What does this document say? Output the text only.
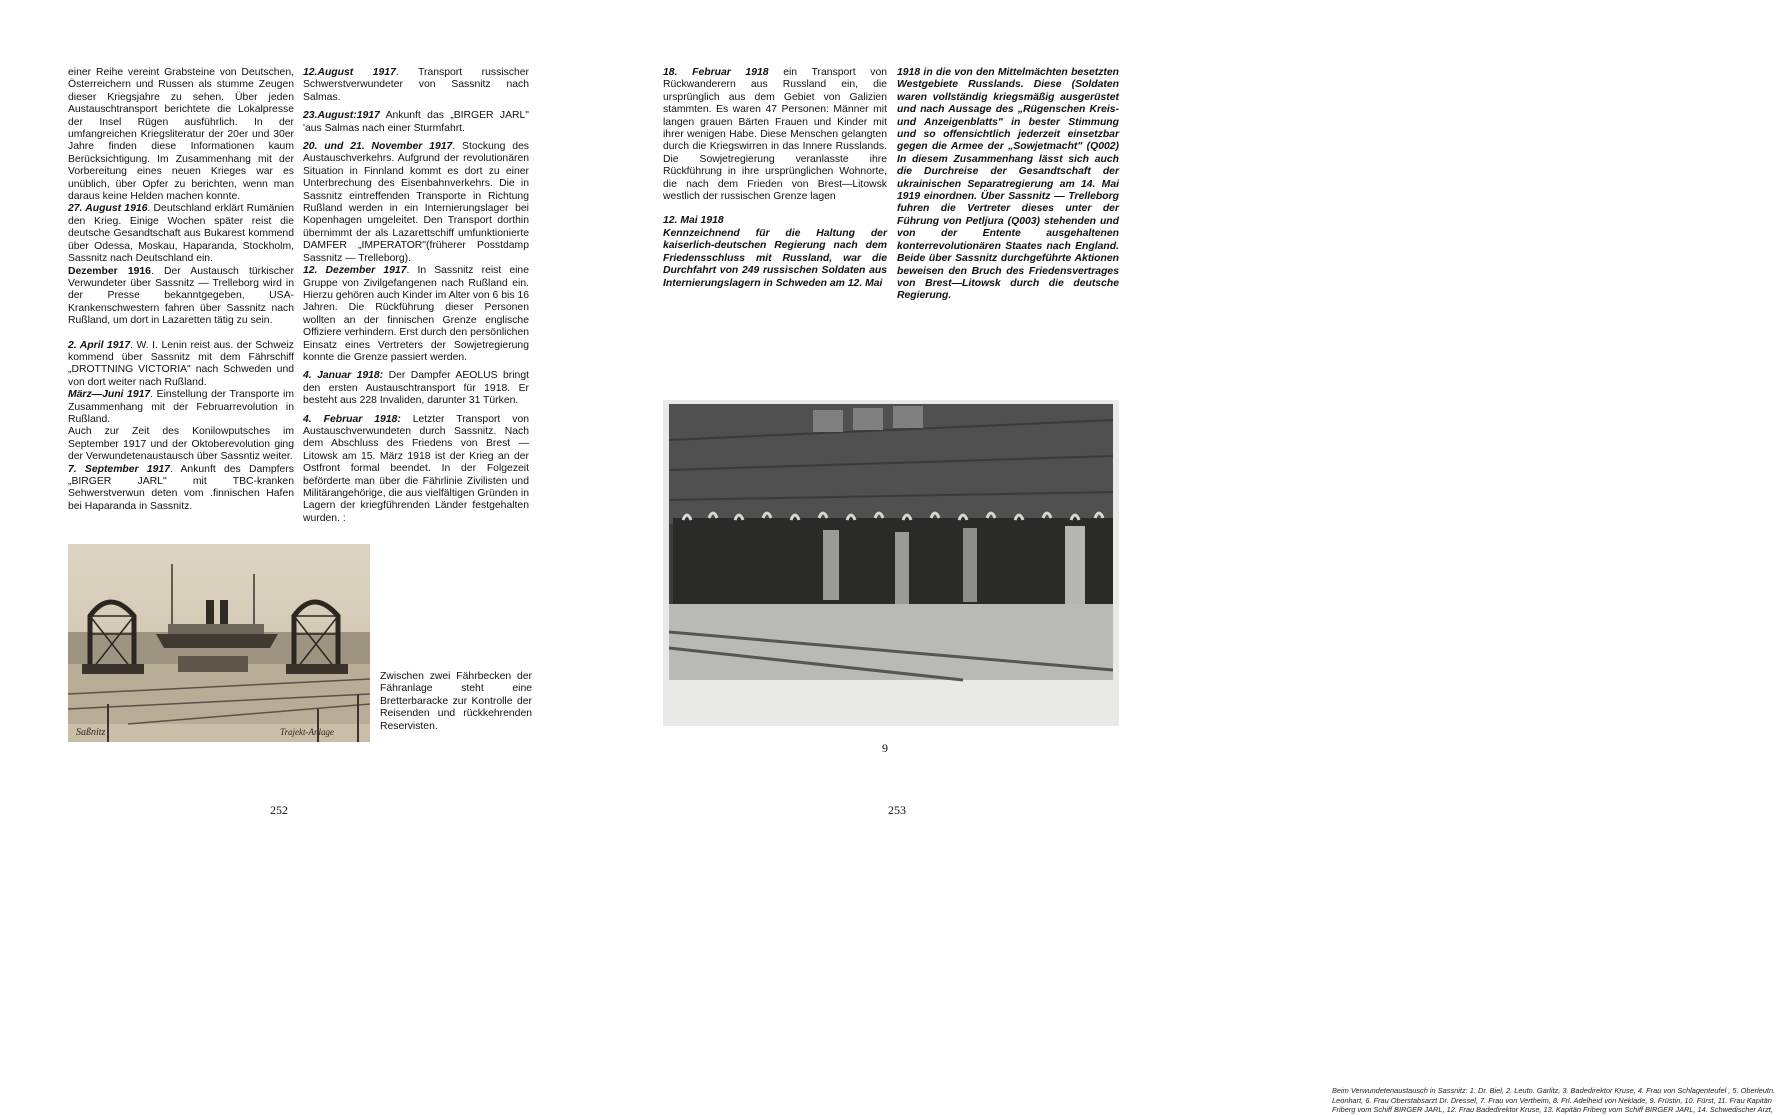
einer Reihe vereint Grabsteine von Deutschen, Österreichern und Russen als stumme Zeugen dieser Kriegsjahre zu sehen. Über jeden Austauschtransport berichtete die Lokalpresse der Insel Rügen ausführlich. In der umfangreichen Kriegsliteratur der 20er und 30er Jahre finden diese Informationen kaum Berücksichtigung. Im Zusammenhang mit der Vorbereitung eines neuen Krieges war es unüblich, über Opfer zu berichten, wenn man daraus keine Helden machen konnte.

27. August 1916. Deutschland erklärt Rumänien den Krieg. Einige Wochen später reist die deutsche Gesandtschaft aus Bukarest kommend über Odessa, Moskau, Haparanda, Stockholm, Sassnitz nach Deutschland ein.

Dezember 1916. Der Austausch türkischer Verwundeter über Sassnitz — Trelleborg wird in der Presse bekanntgegeben, USA-Krankenschwestern fahren über Sassnitz nach Rußland, um dort in Lazaretten tätig zu sein.

2. April 1917. W. I. Lenin reist aus. der Schweiz kommend über Sassnitz mit dem Fährschiff „DROTTNING VICTORIA" nach Schweden und von dort weiter nach Rußland.

März—Juni 1917. Einstellung der Transporte im Zusammenhang mit der Februarrevolution in Rußland.

Auch zur Zeit des Konilowputsches im September 1917 und der Oktoberevolution ging der Verwundetenaustausch über Sassntiz weiter.

7. September 1917. Ankunft des Dampfers „BIRGER JARL" mit TBC-kranken Sehwerstverwun deten vom .finnischen Hafen bei Haparanda in Sassnitz.

12.August 1917. Transport russischer Schwerstverwundeter von Sassnitz nach Salmas.

23.August:1917 Ankunft das „BIRGER JARL" 'aus Salmas nach einer Sturmfahrt.

20. und 21. November 1917. Stockung des Austauschverkehrs. Aufgrund der revolutionären Situation in Finnland kommt es dort zu einer Unterbrechung des Eisenbahnverkehrs. Die in Sassnitz eintreffenden Transporte in Richtung Rußland werden in ein Internierungslager bei Kopenhagen umgeleitet. Den Transport dorthin übernimmt der als Lazarettschiff umfunktionierte DAMFER „IMPERATOR"(früherer Posstdamp Sassnitz — Trelleborg).

12. Dezember 1917. In Sassnitz reist eine Gruppe von Zivilgefangenen nach Rußland ein. Hierzu gehören auch Kinder im Alter von 6 bis 16 Jahren. Die Rückführung dieser Personen wollten an der finnischen Grenze englische Offiziere verhindern. Erst durch den persönlichen Einsatz eines Vertreters der Sowjetregierung konnte die Grenze passiert werden.

4. Januar 1918: Der Dampfer AEOLUS bringt den ersten Austauschtransport für 1918. Er besteht aus 228 Invaliden, darunter 31 Türken.

4. Februar 1918: Letzter Transport von Austauschverwundeten durch Sassnitz. Nach dem Abschluss des Friedens von Brest —Litowsk am 15. März 1918 ist der Krieg an der Ostfront formal beendet. In der Folgezeit beförderte man über die Fährlinie Zivilisten und Militärangehörige, die aus vielfältigen Gründen in Lagern der kriegführenden Länder festgehalten wurden. :

Saßnitz	Trajekt-Anlage
Zwischen zwei Fährbecken der Fähranlage steht eine Bretterbaracke zur Kontrolle der Reisenden und rückkehrenden Reservisten.
252

18. Februar 1918 ein Transport von Rückwanderern aus Russland ein, die ursprünglich aus dem Gebiet von Galizien stammten. Es waren 47 Personen: Männer mit langen grauen Bärten Frauen und Kinder mit ihrer wenigen Habe. Diese Menschen gelangten durch die Kriegswirren in das Innere Russlands. Die Sowjetregierung veranlasste ihre Rückführung in ihre ursprünglichen Wohnorte, die nach dem Frieden von Brest—Litowsk westlich der russischen Grenze lagen

12. Mai 1918

Kennzeichnend für die Haltung der kaiserlich-deutschen Regierung nach dem Friedensschluss mit Russland, war die Durchfahrt von 249 russischen Soldaten aus Internierungslagern in Schweden am 12. Mai

1918 in die von den Mittelmächten besetzten Westgebiete Russlands. Diese (Soldaten waren vollständig kriegsmäßig ausgerüstet und nach Aussage des „Rügenschen Kreis- und Anzeigenblatts" in bester Stimmung und so offensichtlich jederzeit einsetzbar gegen die Armee der „Sowjetmacht" (Q002) In diesem Zusammenhang lässt sich auch die Durchreise der Gesandtschaft der ukrainischen Separatregierung am 14. Mai 1919 einordnen. Über Sassnitz — Trelleborg fuhren die Vertreter dieses unter der Führung von Petljura (Q003) stehenden und von der Entente ausgehaltenen konterrevolutionären Staates nach England. Beide über Sassnitz durchgeführte Aktionen beweisen den Bruch des Friedensvertrages von Brest—Litowsk durch die deutsche Regierung.

Beim Verwundetenaustausch in Sassnitz: 1. Dr. Biel, 2. Leutn. Garlitz, 3. Badedirektor Kruse, 4. Frau von Schlagenteufel , 5. Oberleutn. Leonhart, 6. Frau Oberstabsarzt Dr. Dressel, 7. Frau von Vertheim, 8. Frl. Adelheid von Neklade, 9. Früstin, 10. Fürst, 11. Frau Kapitän Friberg vom Schiff BIRGER JARL, 12. Frau Badedirektor Kruse, 13. Kapitän Friberg vom Schiff BIRGER JARL, 14. Schwedischer Arzt,
9
253
